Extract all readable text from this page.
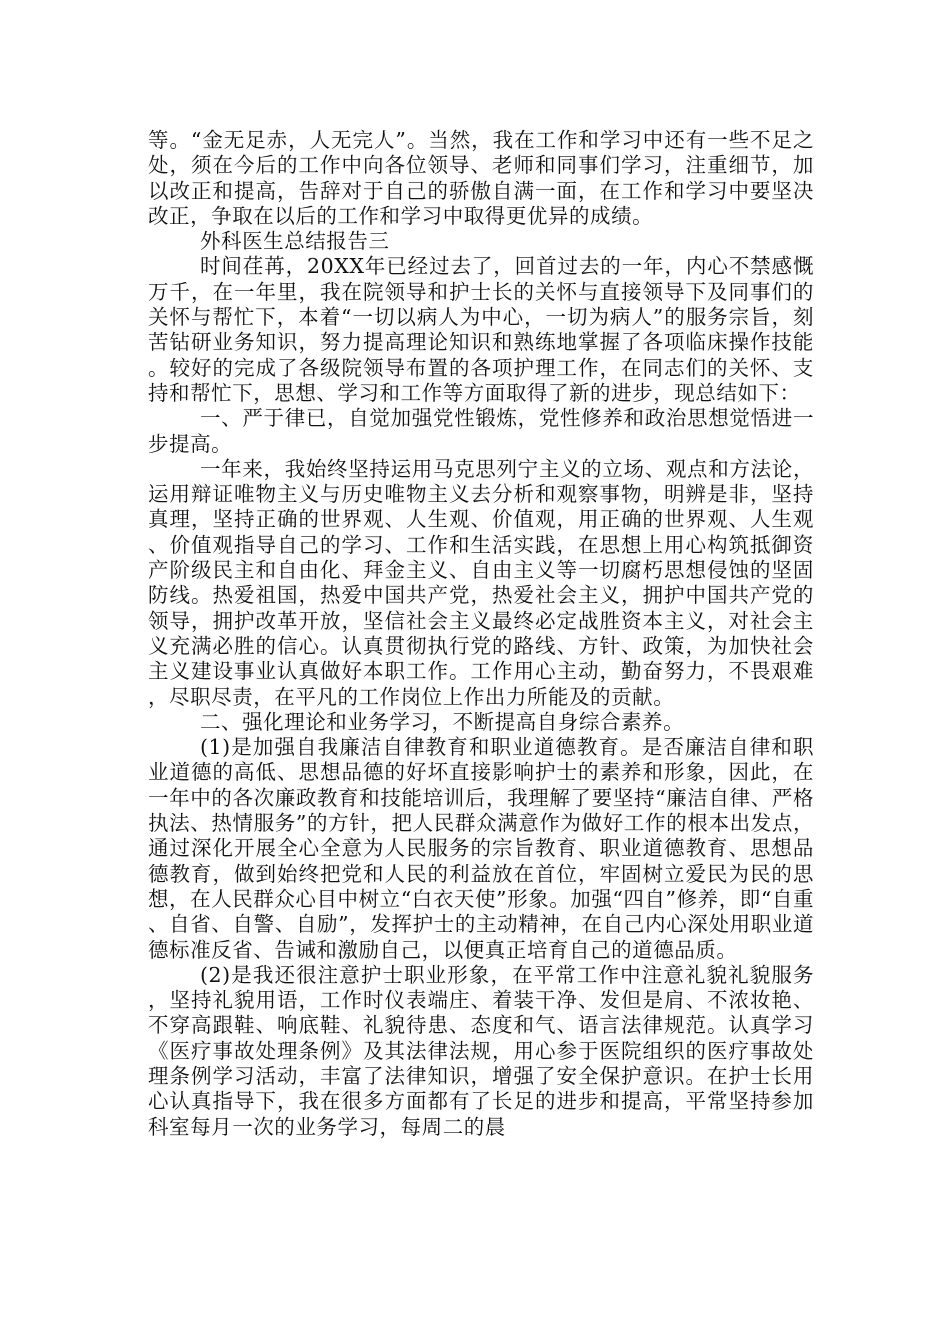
等。“金无足赤，人无完人”。当然，我在工作和学习中还有一些不足之处，须在今后的工作中向各位领导、老师和同事们学习，注重细节，加以改正和提高，告辞对于自己的骄傲自满一面，在工作和学习中要坚决改正，争取在以后的工作和学习中取得更优异的成绩。

外科医生总结报告三

时间荏苒，20XX年已经过去了，回首过去的一年，内心不禁感慨万千，在一年里，我在院领导和护士长的关怀与直接领导下及同事们的关怀与帮忙下，本着“一切以病人为中心，一切为病人”的服务宗旨，刻苦钻研业务知识，努力提高理论知识和熟练地掌握了各项临床操作技能。较好的完成了各级院领导布置的各项护理工作，在同志们的关怀、支持和帮忙下，思想、学习和工作等方面取得了新的进步，现总结如下：

一、严于律已，自觉加强党性锻炼，党性修养和政治思想觉悟进一步提高。

一年来，我始终坚持运用马克思列宁主义的立场、观点和方法论，运用辩证唯物主义与历史唯物主义去分析和观察事物，明辨是非，坚持真理，坚持正确的世界观、人生观、价值观，用正确的世界观、人生观、价值观指导自己的学习、工作和生活实践，在思想上用心构筑抵御资产阶级民主和自由化、拜金主义、自由主义等一切腐朽思想侵蚀的坚固防线。热爱祖国，热爱中国共产党，热爱社会主义，拥护中国共产党的领导，拥护改革开放，坚信社会主义最终必定战胜资本主义，对社会主义充满必胜的信心。认真贯彻执行党的路线、方针、政策，为加快社会主义建设事业认真做好本职工作。工作用心主动，勤奋努力，不畏艰难，尽职尽责，在平凡的工作岗位上作出力所能及的贡献。

二、强化理论和业务学习，不断提高自身综合素养。

(1)是加强自我廉洁自律教育和职业道德教育。是否廉洁自律和职业道德的高低、思想品德的好坏直接影响护士的素养和形象，因此，在一年中的各次廉政教育和技能培训后，我理解了要坚持“廉洁自律、严格执法、热情服务”的方针，把人民群众满意作为做好工作的根本出发点，通过深化开展全心全意为人民服务的宗旨教育、职业道德教育、思想品德教育，做到始终把党和人民的利益放在首位，牢固树立爱民为民的思想，在人民群众心目中树立“白衣天使”形象。加强“四自”修养，即“自重、自省、自警、自励”，发挥护士的主动精神，在自己内心深处用职业道德标准反省、告诫和激励自己，以便真正培育自己的道德品质。

(2)是我还很注意护士职业形象，在平常工作中注意礼貌礼貌服务，坚持礼貌用语，工作时仪表端庄、着装干净、发但是肩、不浓妆艳、不穿高跟鞋、响底鞋、礼貌待患、态度和气、语言法律规范。认真学习《医疗事故处理条例》及其法律法规，用心参于医院组织的医疗事故处理条例学习活动，丰富了法律知识，增强了安全保护意识。在护士长用心认真指导下，我在很多方面都有了长足的进步和提高，平常坚持参加科室每月一次的业务学习，每周二的晨
